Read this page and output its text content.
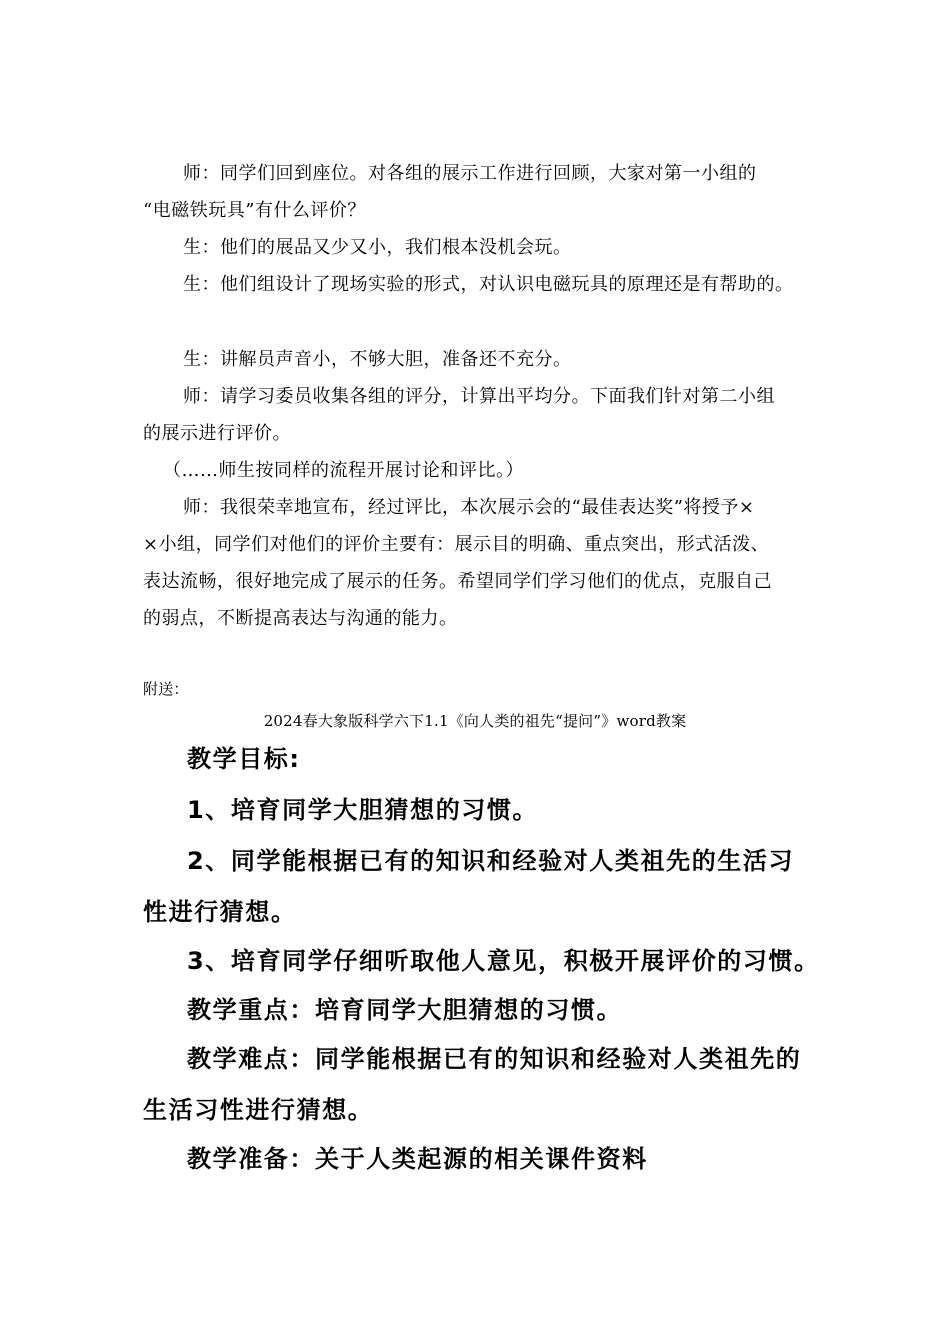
师：同学们回到座位。对各组的展示工作进行回顾，大家对第一小组的
“电磁铁玩具”有什么评价？
生：他们的展品又少又小，我们根本没机会玩。
生：他们组设计了现场实验的形式，对认识电磁玩具的原理还是有帮助的。
生：讲解员声音小，不够大胆，准备还不充分。
师：请学习委员收集各组的评分，计算出平均分。下面我们针对第二小组
的展示进行评价。
（……师生按同样的流程开展讨论和评比。）
师：我很荣幸地宣布，经过评比，本次展示会的“最佳表达奖”将授予×
×小组，同学们对他们的评价主要有：展示目的明确、重点突出，形式活泼、
表达流畅，很好地完成了展示的任务。希望同学们学习他们的优点，克服自己
的弱点，不断提高表达与沟通的能力。
附送：
2024春大象版科学六下1.1《向人类的祖先“提问”》word教案
教学目标:
1、培育同学大胆猜想的习惯。
2、同学能根据已有的知识和经验对人类祖先的生活习
性进行猜想。
3、培育同学仔细听取他人意见，积极开展评价的习惯。
教学重点：培育同学大胆猜想的习惯。
教学难点：同学能根据已有的知识和经验对人类祖先的
生活习性进行猜想。
教学准备：关于人类起源的相关课件资料
